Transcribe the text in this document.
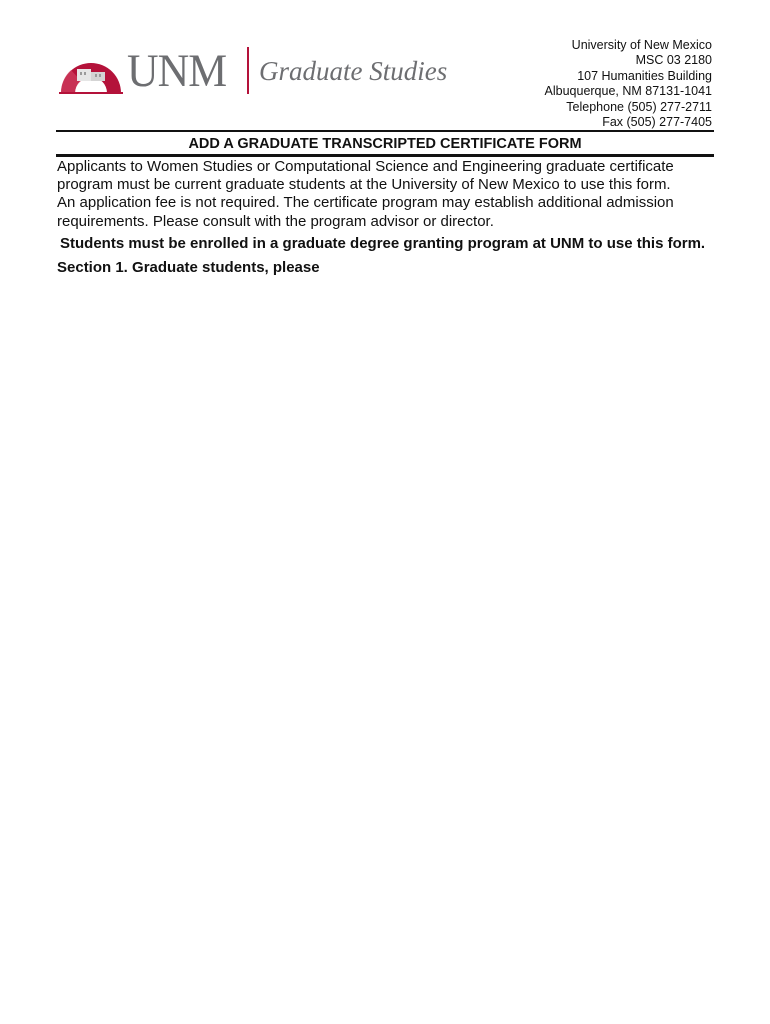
UNM Graduate Studies
University of New Mexico
MSC 03 2180
107 Humanities Building
Albuquerque, NM 87131-1041
Telephone (505) 277-2711
Fax (505) 277-7405
ADD A GRADUATE TRANSCRIPTED CERTIFICATE FORM
Applicants to Women Studies or Computational Science and Engineering graduate certificate
program must be current graduate students at the University of New Mexico to use this form.
An application fee is not required. The certificate program may establish additional admission
requirements. Please consult with the program advisor or director.
Students must be enrolled in a graduate degree granting program at UNM to use this form.
Section 1. Graduate students, please
